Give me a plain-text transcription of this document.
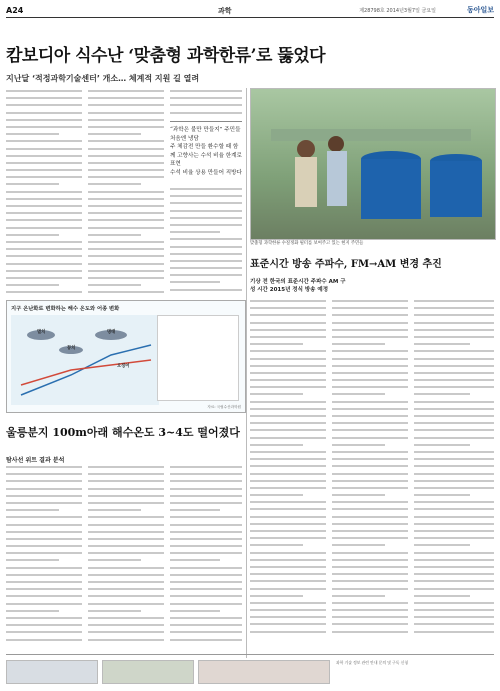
A24	과학	제28798호 2014년3월7일 금요일	동아일보
캄보디아 식수난 ‘맞춤형 과학한류’로 뚫었다
지난달 ‘적정과학기술센터’ 개소… 체계적 지원 길 열려
“과학은 불만 만들지” 주민들 처음엔 냉담
주 체감전 만들 환수할 때 함께 고향사는 수석 비율 한계로 표현
수석 비율 상용 만들어 직방다
맞춤형 과학한류 수질정화 필터를 보여주고 있는 현지 주민들
지구 온난화로 변화하는 해수 온도와 어종 변화
멸치
꽁치
명태
오징어
자료: 국립수산과학원
울릉분지 100m아래 해수온도 3~4도 떨어졌다
탐사선 위트 결과 분석
표준시간 방송 주파수, FM→AM 변경 추진
기상 전 한국의 표준시간 주파수 AM 구성 시간 2015년 정식 방송 예정
과학 기술 정보 관련 안내 문의 및 구독 신청
